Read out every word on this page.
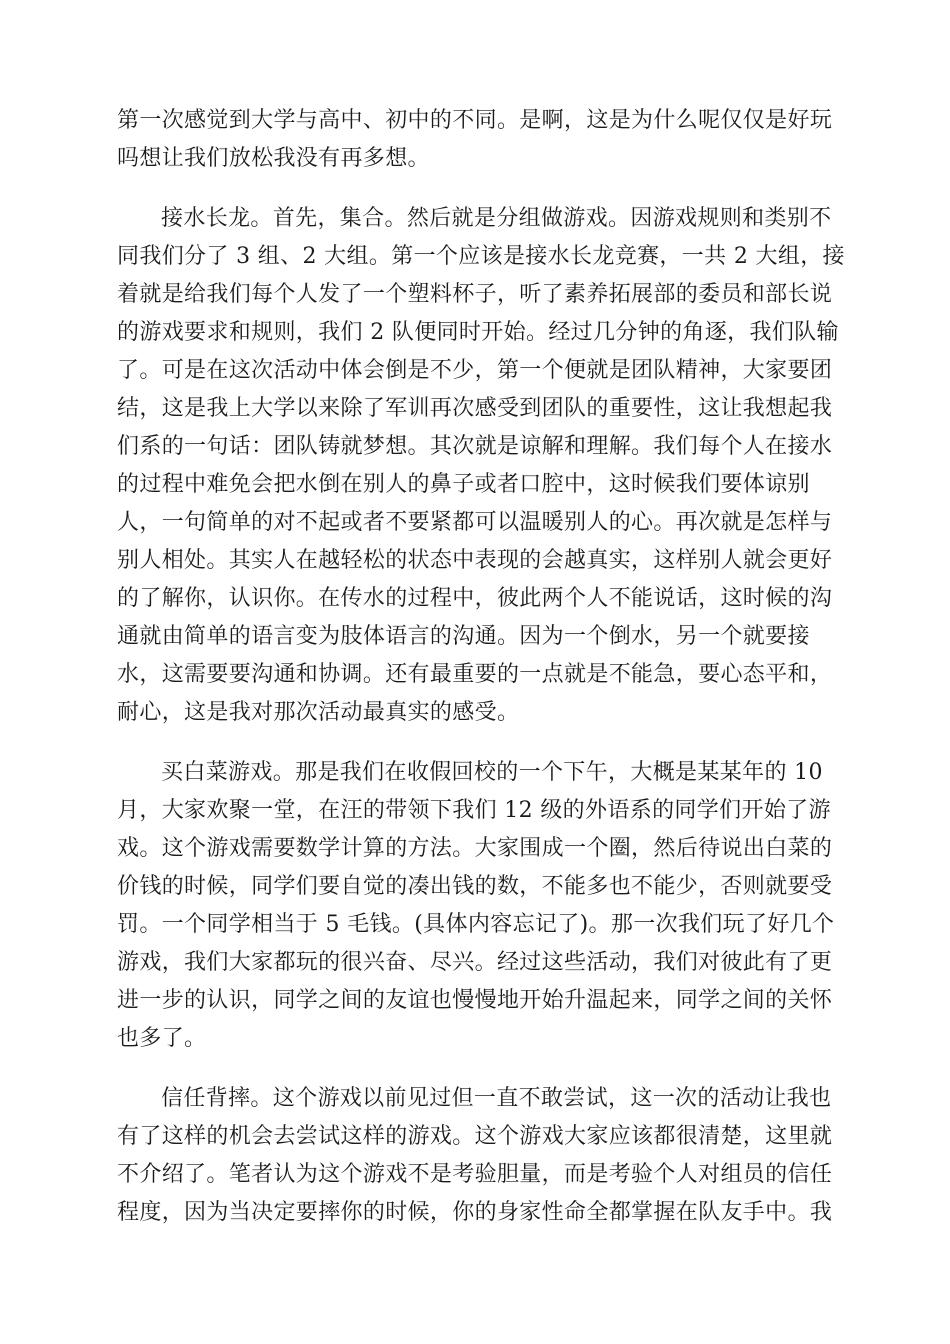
第一次感觉到大学与高中、初中的不同。是啊，这是为什么呢仅仅是好玩
吗想让我们放松我没有再多想。
接水长龙。首先，集合。然后就是分组做游戏。因游戏规则和类别不
同我们分了 3 组、2 大组。第一个应该是接水长龙竞赛，一共 2 大组，接
着就是给我们每个人发了一个塑料杯子，听了素养拓展部的委员和部长说
的游戏要求和规则，我们 2 队便同时开始。经过几分钟的角逐，我们队输
了。可是在这次活动中体会倒是不少，第一个便就是团队精神，大家要团
结，这是我上大学以来除了军训再次感受到团队的重要性，这让我想起我
们系的一句话：团队铸就梦想。其次就是谅解和理解。我们每个人在接水
的过程中难免会把水倒在别人的鼻子或者口腔中，这时候我们要体谅别
人，一句简单的对不起或者不要紧都可以温暖别人的心。再次就是怎样与
别人相处。其实人在越轻松的状态中表现的会越真实，这样别人就会更好
的了解你，认识你。在传水的过程中，彼此两个人不能说话，这时候的沟
通就由简单的语言变为肢体语言的沟通。因为一个倒水，另一个就要接
水，这需要要沟通和协调。还有最重要的一点就是不能急，要心态平和，
耐心，这是我对那次活动最真实的感受。
买白菜游戏。那是我们在收假回校的一个下午，大概是某某年的 10
月，大家欢聚一堂，在汪的带领下我们 12 级的外语系的同学们开始了游
戏。这个游戏需要数学计算的方法。大家围成一个圈，然后待说出白菜的
价钱的时候，同学们要自觉的凑出钱的数，不能多也不能少，否则就要受
罚。一个同学相当于 5 毛钱。(具体内容忘记了)。那一次我们玩了好几个
游戏，我们大家都玩的很兴奋、尽兴。经过这些活动，我们对彼此有了更
进一步的认识，同学之间的友谊也慢慢地开始升温起来，同学之间的关怀
也多了。
信任背摔。这个游戏以前见过但一直不敢尝试，这一次的活动让我也
有了这样的机会去尝试这样的游戏。这个游戏大家应该都很清楚，这里就
不介绍了。笔者认为这个游戏不是考验胆量，而是考验个人对组员的信任
程度，因为当决定要摔你的时候，你的身家性命全都掌握在队友手中。我
